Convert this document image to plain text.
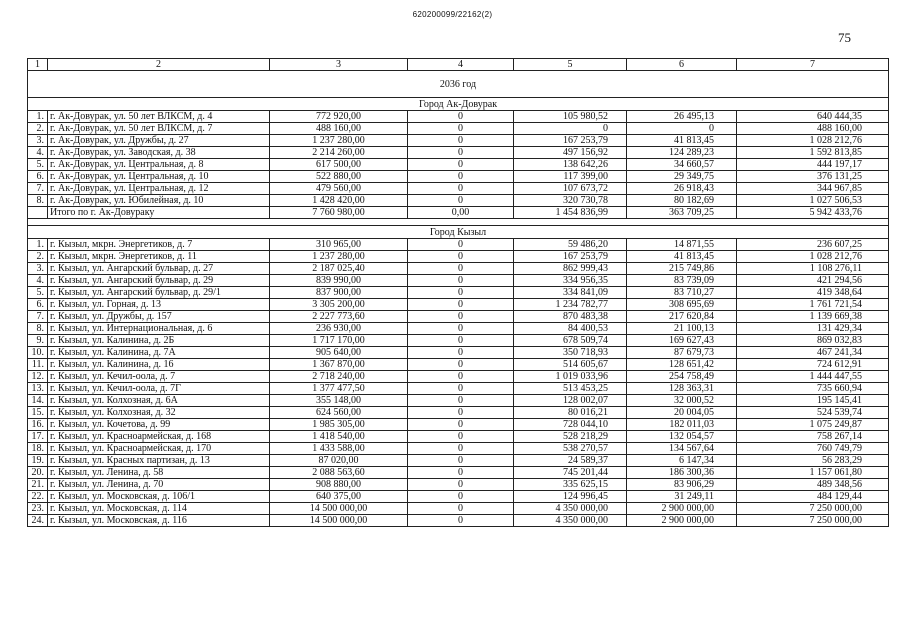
620200099/22162(2)
75
1	2	3	4	5	6	7
2036 год						
Город Ак-Довурак						
1.	г. Ак-Довурак, ул. 50 лет ВЛКСМ, д. 4	772 920,00	0	105 980,52	26 495,13	640 444,35
2.	г. Ак-Довурак, ул. 50 лет ВЛКСМ, д. 7	488 160,00	0	0	0	488 160,00
3.	г. Ак-Довурак, ул. Дружбы, д. 27	1 237 280,00	0	167 253,79	41 813,45	1 028 212,76
4.	г. Ак-Довурак, ул. Заводская, д. 38	2 214 260,00	0	497 156,92	124 289,23	1 592 813,85
5.	г. Ак-Довурак, ул. Центральная, д. 8	617 500,00	0	138 642,26	34 660,57	444 197,17
6.	г. Ак-Довурак, ул. Центральная, д. 10	522 880,00	0	117 399,00	29 349,75	376 131,25
7.	г. Ак-Довурак, ул. Центральная, д. 12	479 560,00	0	107 673,72	26 918,43	344 967,85
8.	г. Ак-Довурак, ул. Юбилейная, д. 10	1 428 420,00	0	320 730,78	80 182,69	1 027 506,53
	Итого по г. Ак-Довураку	7 760 980,00	0,00	1 454 836,99	363 709,25	5 942 433,76

Город Кызыл						
1.	г. Кызыл, мкрн. Энергетиков, д. 7	310 965,00	0	59 486,20	14 871,55	236 607,25
2.	г. Кызыл, мкрн. Энергетиков, д. 11	1 237 280,00	0	167 253,79	41 813,45	1 028 212,76
3.	г. Кызыл, ул. Ангарский бульвар, д. 27	2 187 025,40	0	862 999,43	215 749,86	1 108 276,11
4.	г. Кызыл, ул. Ангарский бульвар, д. 29	839 990,00	0	334 956,35	83 739,09	421 294,56
5.	г. Кызыл, ул. Ангарский бульвар, д. 29/1	837 900,00	0	334 841,09	83 710,27	419 348,64
6.	г. Кызыл, ул. Горная, д. 13	3 305 200,00	0	1 234 782,77	308 695,69	1 761 721,54
7.	г. Кызыл, ул. Дружбы, д. 157	2 227 773,60	0	870 483,38	217 620,84	1 139 669,38
8.	г. Кызыл, ул. Интернациональная, д. 6	236 930,00	0	84 400,53	21 100,13	131 429,34
9.	г. Кызыл, ул. Калинина, д. 2Б	1 717 170,00	0	678 509,74	169 627,43	869 032,83
10.	г. Кызыл, ул. Калинина, д. 7А	905 640,00	0	350 718,93	87 679,73	467 241,34
11.	г. Кызыл, ул. Калинина, д. 16	1 367 870,00	0	514 605,67	128 651,42	724 612,91
12.	г. Кызыл, ул. Кечил-оола, д. 7	2 718 240,00	0	1 019 033,96	254 758,49	1 444 447,55
13.	г. Кызыл, ул. Кечил-оола, д. 7Г	1 377 477,50	0	513 453,25	128 363,31	735 660,94
14.	г. Кызыл, ул. Колхозная, д. 6А	355 148,00	0	128 002,07	32 000,52	195 145,41
15.	г. Кызыл, ул. Колхозная, д. 32	624 560,00	0	80 016,21	20 004,05	524 539,74
16.	г. Кызыл, ул. Кочетова, д. 99	1 985 305,00	0	728 044,10	182 011,03	1 075 249,87
17.	г. Кызыл, ул. Красноармейская, д. 168	1 418 540,00	0	528 218,29	132 054,57	758 267,14
18.	г. Кызыл, ул. Красноармейская, д. 170	1 433 588,00	0	538 270,57	134 567,64	760 749,79
19.	г. Кызыл, ул. Красных партизан, д. 13	87 020,00	0	24 589,37	6 147,34	56 283,29
20.	г. Кызыл, ул. Ленина, д. 58	2 088 563,60	0	745 201,44	186 300,36	1 157 061,80
21.	г. Кызыл, ул. Ленина, д. 70	908 880,00	0	335 625,15	83 906,29	489 348,56
22.	г. Кызыл, ул. Московская, д. 106/1	640 375,00	0	124 996,45	31 249,11	484 129,44
23.	г. Кызыл, ул. Московская, д. 114	14 500 000,00	0	4 350 000,00	2 900 000,00	7 250 000,00
24.	г. Кызыл, ул. Московская, д. 116	14 500 000,00	0	4 350 000,00	2 900 000,00	7 250 000,00
